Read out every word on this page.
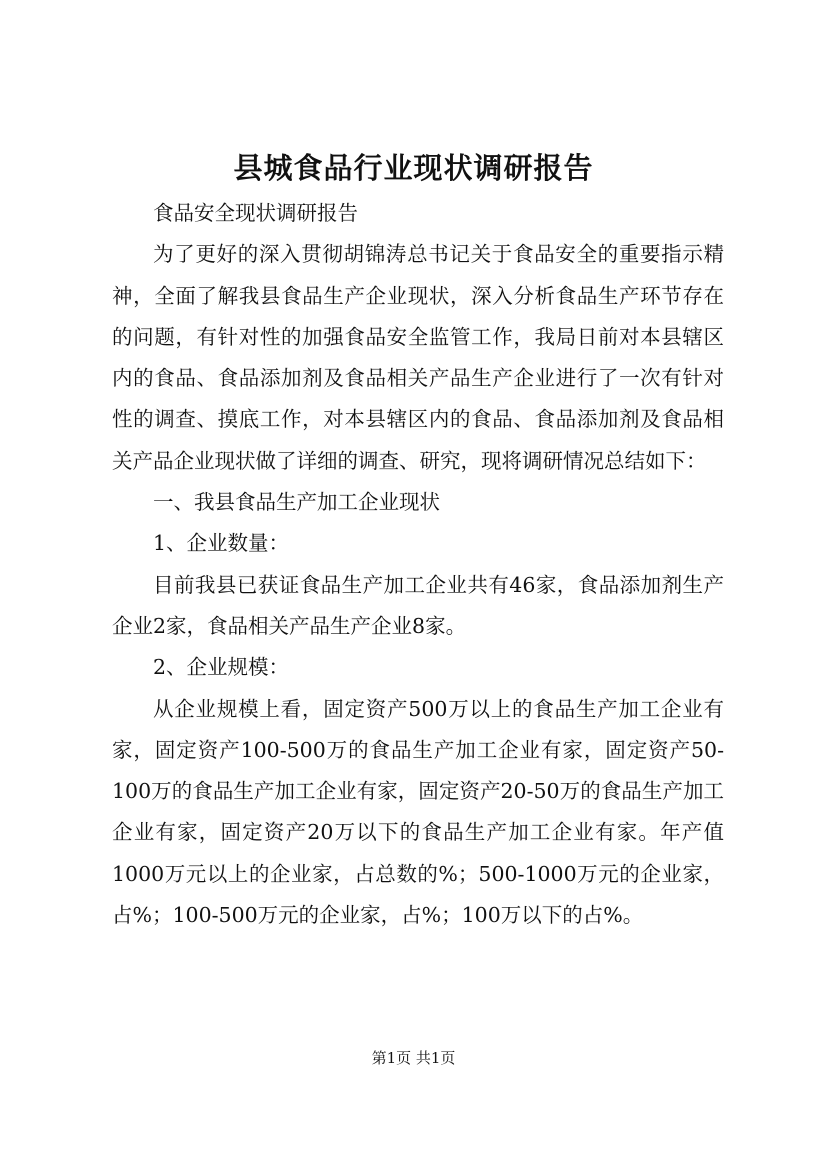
县城食品行业现状调研报告

食品安全现状调研报告

为了更好的深入贯彻胡锦涛总书记关于食品安全的重要指示精神，全面了解我县食品生产企业现状，深入分析食品生产环节存在的问题，有针对性的加强食品安全监管工作，我局日前对本县辖区内的食品、食品添加剂及食品相关产品生产企业进行了一次有针对性的调查、摸底工作，对本县辖区内的食品、食品添加剂及食品相关产品企业现状做了详细的调查、研究，现将调研情况总结如下：

一、我县食品生产加工企业现状

1、企业数量：

目前我县已获证食品生产加工企业共有46家，食品添加剂生产企业2家，食品相关产品生产企业8家。

2、企业规模：

从企业规模上看，固定资产500万以上的食品生产加工企业有家，固定资产100-500万的食品生产加工企业有家，固定资产50-100万的食品生产加工企业有家，固定资产20-50万的食品生产加工企业有家，固定资产20万以下的食品生产加工企业有家。年产值1000万元以上的企业家，占总数的%；500-1000万元的企业家，占%；100-500万元的企业家，占%；100万以下的占%。

第1页 共1页
